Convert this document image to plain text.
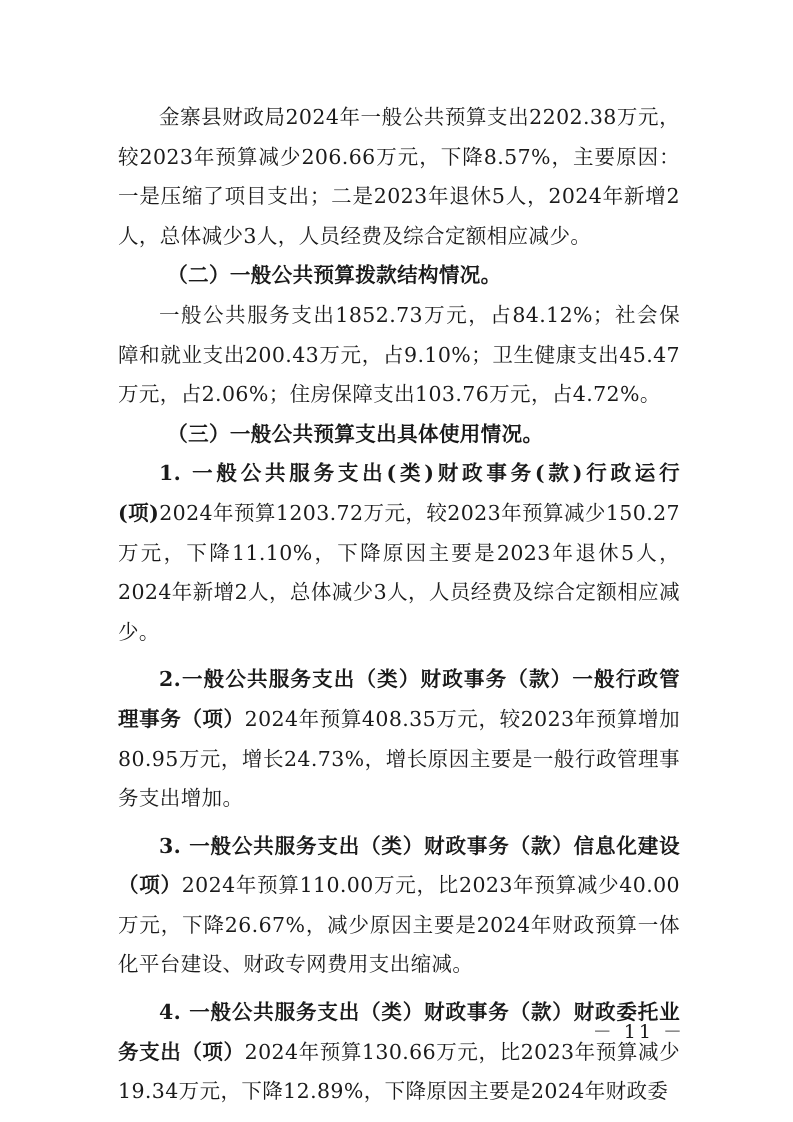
金寨县财政局2024年一般公共预算支出2202.38万元，较2023年预算减少206.66万元，下降8.57%，主要原因：一是压缩了项目支出；二是2023年退休5人，2024年新增2人，总体减少3人，人员经费及综合定额相应减少。

（二）一般公共预算拨款结构情况。

一般公共服务支出1852.73万元，占84.12%；社会保障和就业支出200.43万元，占9.10%；卫生健康支出45.47万元，占2.06%；住房保障支出103.76万元，占4.72%。

（三）一般公共预算支出具体使用情况。

1. 一般公共服务支出(类)财政事务(款)行政运行(项)2024年预算1203.72万元，较2023年预算减少150.27万元，下降11.10%，下降原因主要是2023年退休5人，2024年新增2人，总体减少3人，人员经费及综合定额相应减少。

2.一般公共服务支出（类）财政事务（款）一般行政管理事务（项）2024年预算408.35万元，较2023年预算增加80.95万元，增长24.73%，增长原因主要是一般行政管理事务支出增加。

3. 一般公共服务支出（类）财政事务（款）信息化建设（项）2024年预算110.00万元，比2023年预算减少40.00万元，下降26.67%，减少原因主要是2024年财政预算一体化平台建设、财政专网费用支出缩减。

4. 一般公共服务支出（类）财政事务（款）财政委托业务支出（项）2024年预算130.66万元，比2023年预算减少19.34万元，下降12.89%，下降原因主要是2024年财政委

－ 11 －
